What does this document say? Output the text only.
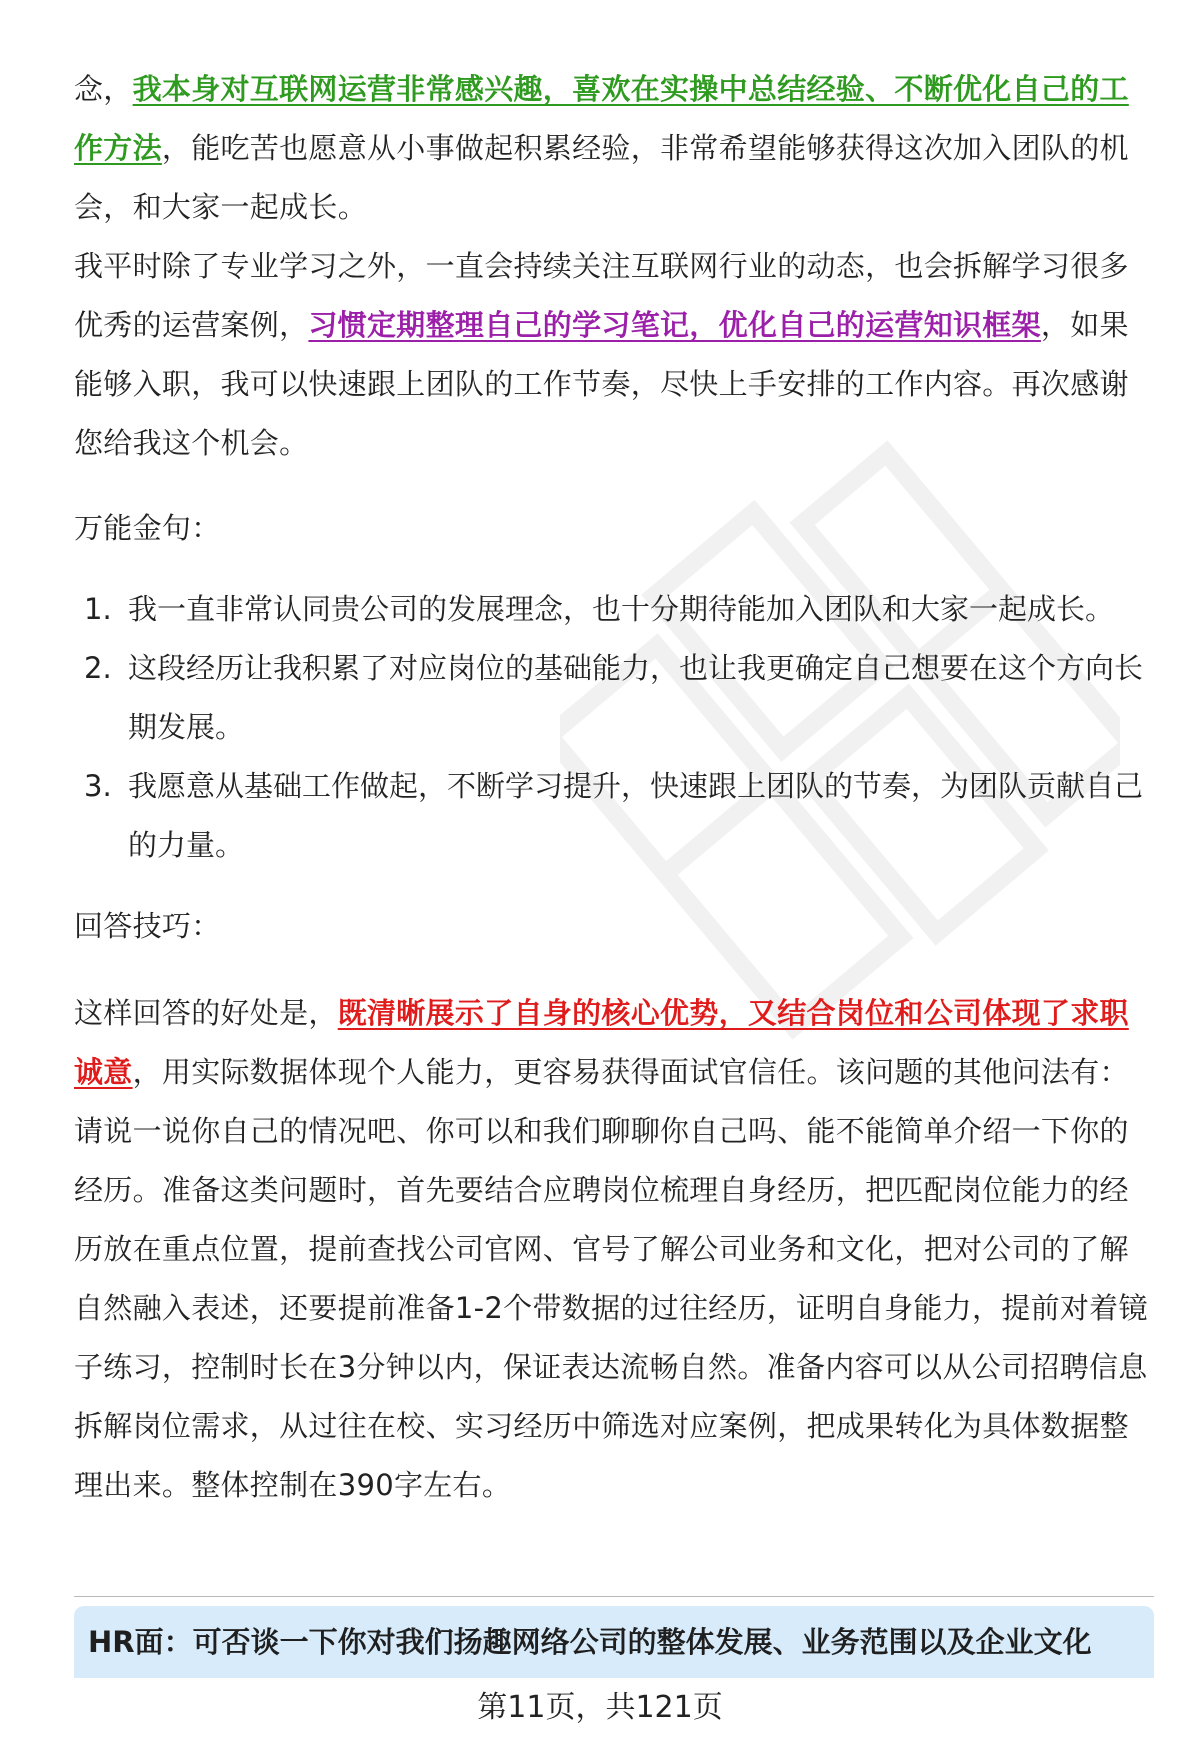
念，我本身对互联网运营非常感兴趣，喜欢在实操中总结经验、不断优化自己的工作方法，能吃苦也愿意从小事做起积累经验，非常希望能够获得这次加入团队的机会，和大家一起成长。

我平时除了专业学习之外，一直会持续关注互联网行业的动态，也会拆解学习很多优秀的运营案例，习惯定期整理自己的学习笔记，优化自己的运营知识框架，如果能够入职，我可以快速跟上团队的工作节奏，尽快上手安排的工作内容。再次感谢您给我这个机会。

万能金句：

1. 我一直非常认同贵公司的发展理念，也十分期待能加入团队和大家一起成长。
2. 这段经历让我积累了对应岗位的基础能力，也让我更确定自己想要在这个方向长期发展。
3. 我愿意从基础工作做起，不断学习提升，快速跟上团队的节奏，为团队贡献自己的力量。

回答技巧：

这样回答的好处是，既清晰展示了自身的核心优势，又结合岗位和公司体现了求职诚意，用实际数据体现个人能力，更容易获得面试官信任。该问题的其他问法有：请说一说你自己的情况吧、你可以和我们聊聊你自己吗、能不能简单介绍一下你的经历。准备这类问题时，首先要结合应聘岗位梳理自身经历，把匹配岗位能力的经历放在重点位置，提前查找公司官网、官号了解公司业务和文化，把对公司的了解自然融入表述，还要提前准备1-2个带数据的过往经历，证明自身能力，提前对着镜子练习，控制时长在3分钟以内，保证表达流畅自然。准备内容可以从公司招聘信息拆解岗位需求，从过往在校、实习经历中筛选对应案例，把成果转化为具体数据整理出来。整体控制在390字左右。

HR面：可否谈一下你对我们扬趣网络公司的整体发展、业务范围以及企业文化
第11页，共121页
